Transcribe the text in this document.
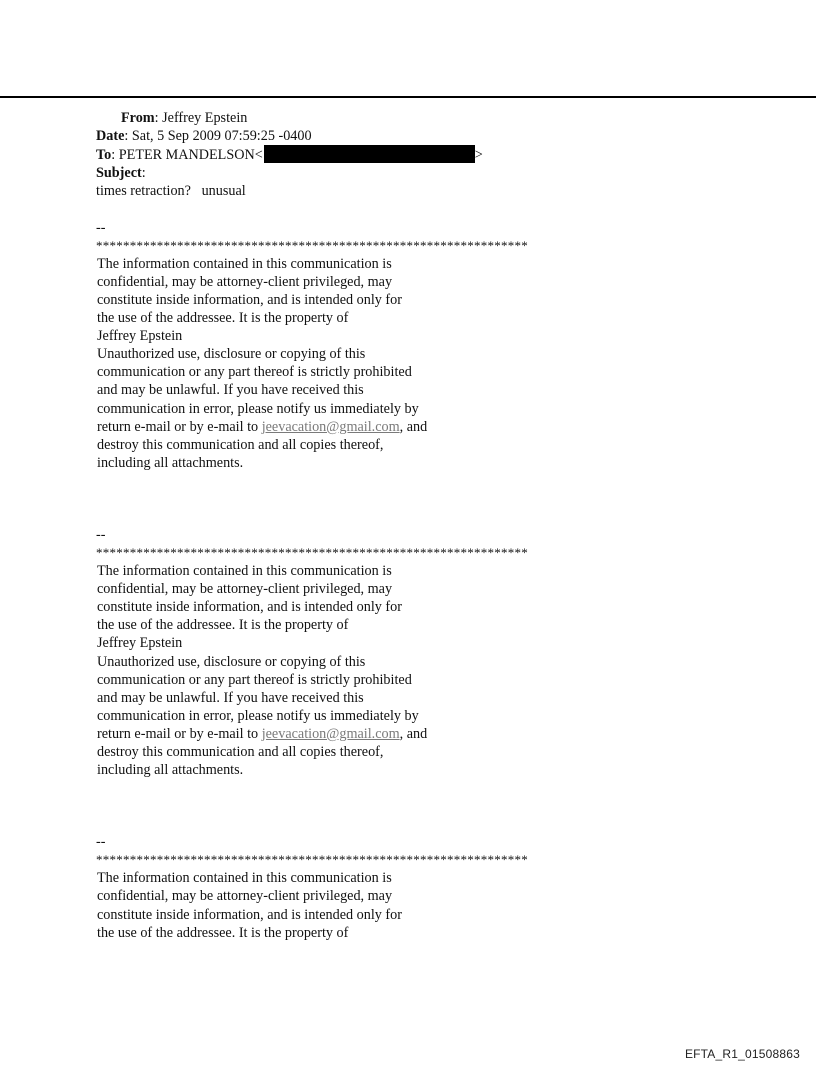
From: Jeffrey Epstein
Date: Sat, 5 Sep 2009 07:59:25 -0400
To: PETER MANDELSON<	>
Subject:
times retraction?   unusual
--
****************************************************************
The information contained in this communication is
confidential, may be attorney-client privileged, may
constitute inside information, and is intended only for
the use of the addressee. It is the property of
Jeffrey Epstein
Unauthorized use, disclosure or copying of this
communication or any part thereof is strictly prohibited
and may be unlawful. If you have received this
communication in error, please notify us immediately by
return e-mail or by e-mail to jeevacation@gmail.com, and
destroy this communication and all copies thereof,
including all attachments.
--
****************************************************************
The information contained in this communication is
confidential, may be attorney-client privileged, may
constitute inside information, and is intended only for
the use of the addressee. It is the property of
Jeffrey Epstein
Unauthorized use, disclosure or copying of this
communication or any part thereof is strictly prohibited
and may be unlawful. If you have received this
communication in error, please notify us immediately by
return e-mail or by e-mail to jeevacation@gmail.com, and
destroy this communication and all copies thereof,
including all attachments.
--
****************************************************************
The information contained in this communication is
confidential, may be attorney-client privileged, may
constitute inside information, and is intended only for
the use of the addressee. It is the property of
EFTA_R1_01508863
